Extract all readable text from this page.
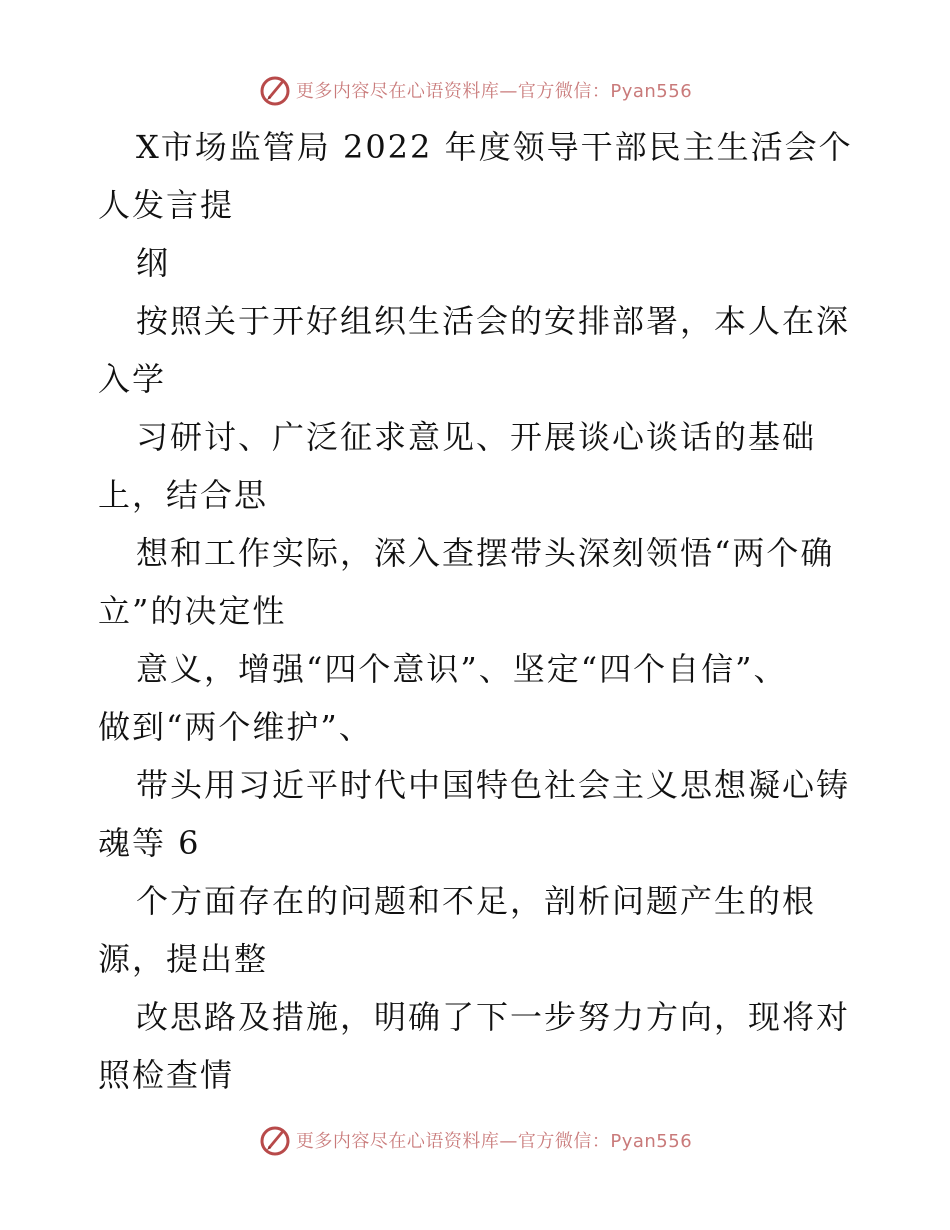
更多内容尽在心语资料库—官方微信：Pyan556
X市场监管局 2022 年度领导干部民主生活会个
人发言提
纲
按照关于开好组织生活会的安排部署，本人在深
入学
习研讨、广泛征求意见、开展谈心谈话的基础
上，结合思
想和工作实际，深入查摆带头深刻领悟“两个确
立”的决定性
意义，增强“四个意识”、坚定“四个自信”、
做到“两个维护”、
带头用习近平时代中国特色社会主义思想凝心铸
魂等 6
个方面存在的问题和不足，剖析问题产生的根
源，提出整
改思路及措施，明确了下一步努力方向，现将对
照检查情
更多内容尽在心语资料库—官方微信：Pyan556
